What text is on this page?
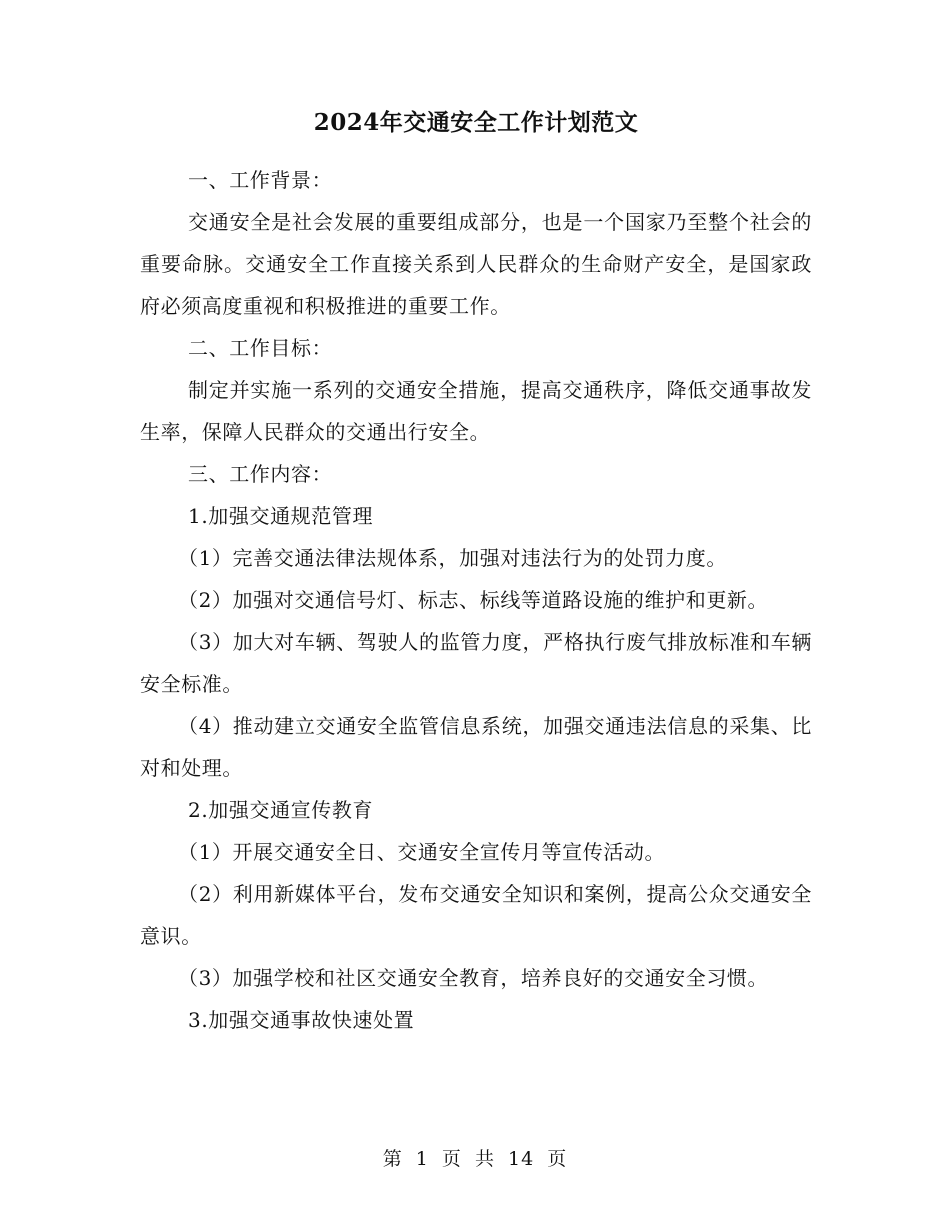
2024年交通安全工作计划范文

一、工作背景：

交通安全是社会发展的重要组成部分，也是一个国家乃至整个社会的重要命脉。交通安全工作直接关系到人民群众的生命财产安全，是国家政府必须高度重视和积极推进的重要工作。

二、工作目标：

制定并实施一系列的交通安全措施，提高交通秩序，降低交通事故发生率，保障人民群众的交通出行安全。

三、工作内容：

1.加强交通规范管理

（1）完善交通法律法规体系，加强对违法行为的处罚力度。

（2）加强对交通信号灯、标志、标线等道路设施的维护和更新。

（3）加大对车辆、驾驶人的监管力度，严格执行废气排放标准和车辆安全标准。

（4）推动建立交通安全监管信息系统，加强交通违法信息的采集、比对和处理。

2.加强交通宣传教育

（1）开展交通安全日、交通安全宣传月等宣传活动。

（2）利用新媒体平台，发布交通安全知识和案例，提高公众交通安全意识。

（3）加强学校和社区交通安全教育，培养良好的交通安全习惯。

3.加强交通事故快速处置

第 1 页 共 14 页
